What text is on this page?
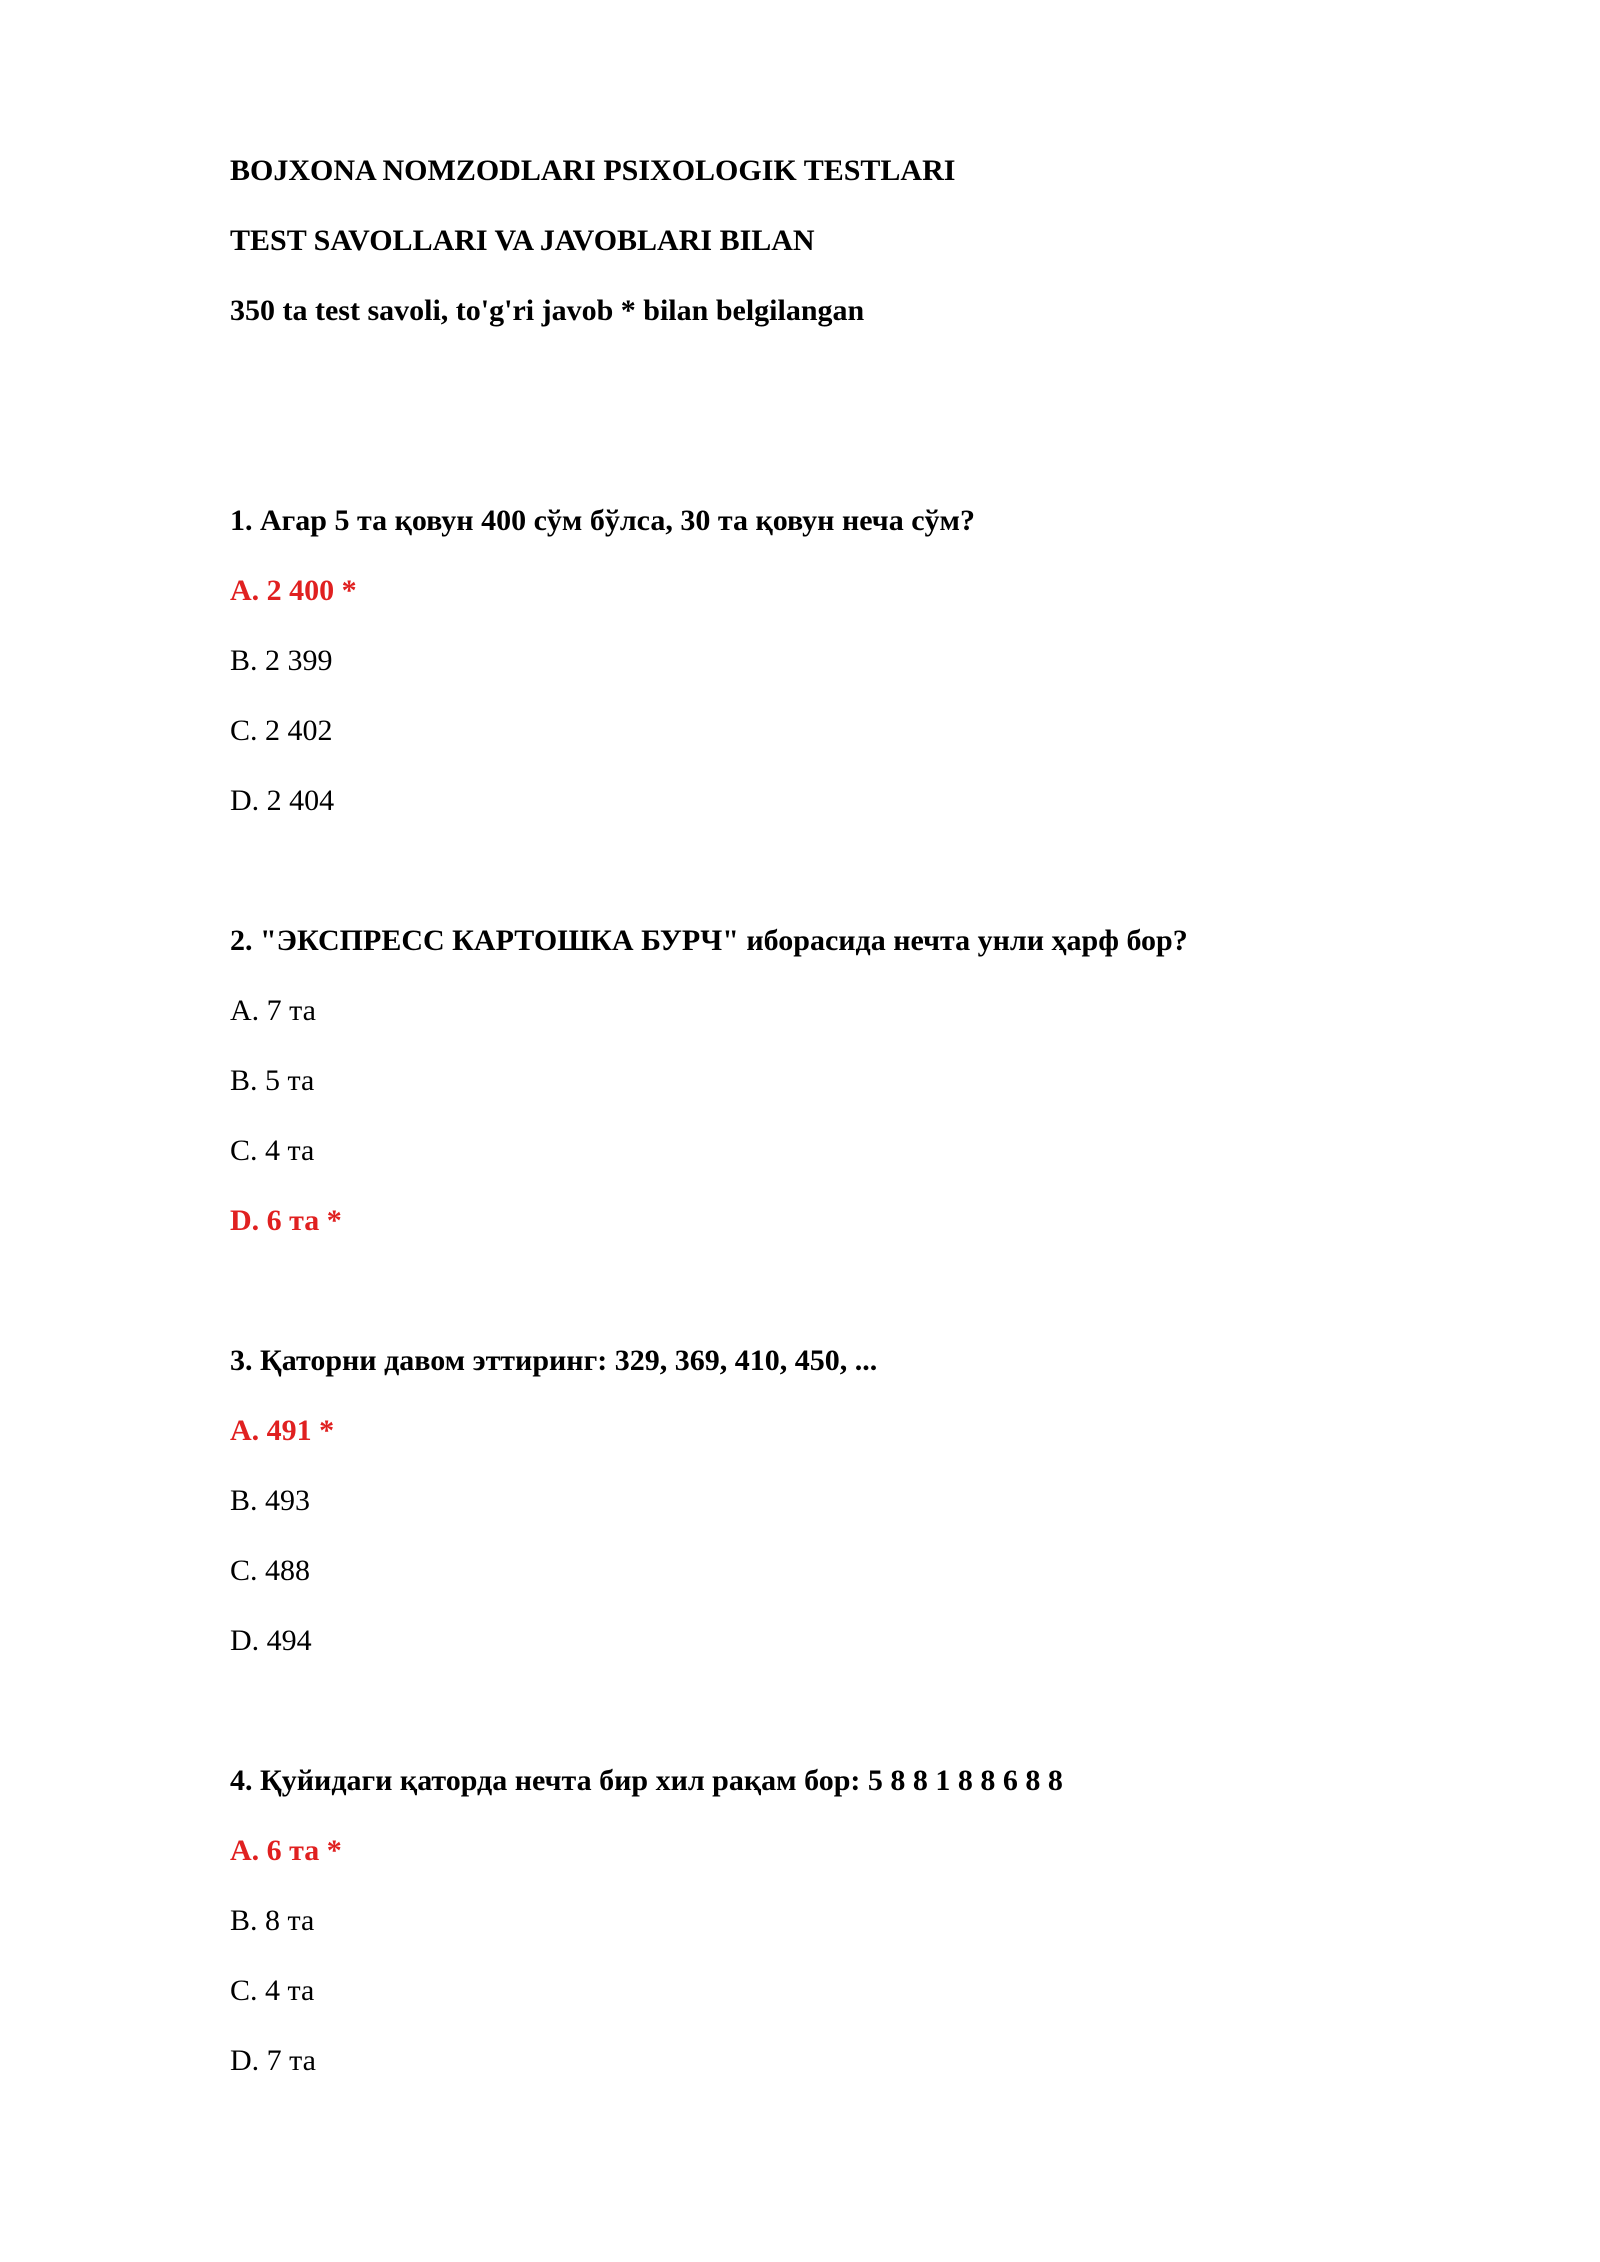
BOJXONA NOMZODLARI PSIXOLOGIK TESTLARI
TEST SAVOLLARI VA JAVOBLARI BILAN
350 ta test savoli, to'g'ri javob * bilan belgilangan
1. Агар 5 та қовун 400 сўм бўлса, 30 та қовун неча сўм?
A. 2 400 *
B. 2 399
C. 2 402
D. 2 404
2. "ЭКСПРЕСС КАРТОШКА БУРЧ" иборасида нечта унли ҳарф бор?
A. 7 та
B. 5 та
C. 4 та
D. 6 та *
3. Қаторни давом эттиринг: 329, 369, 410, 450, ...
A. 491 *
B. 493
C. 488
D. 494
4. Қуйидаги қаторда нечта бир хил рақам бор: 5 8 8 1 8 8 6 8 8
A. 6 та *
B. 8 та
C. 4 та
D. 7 та
